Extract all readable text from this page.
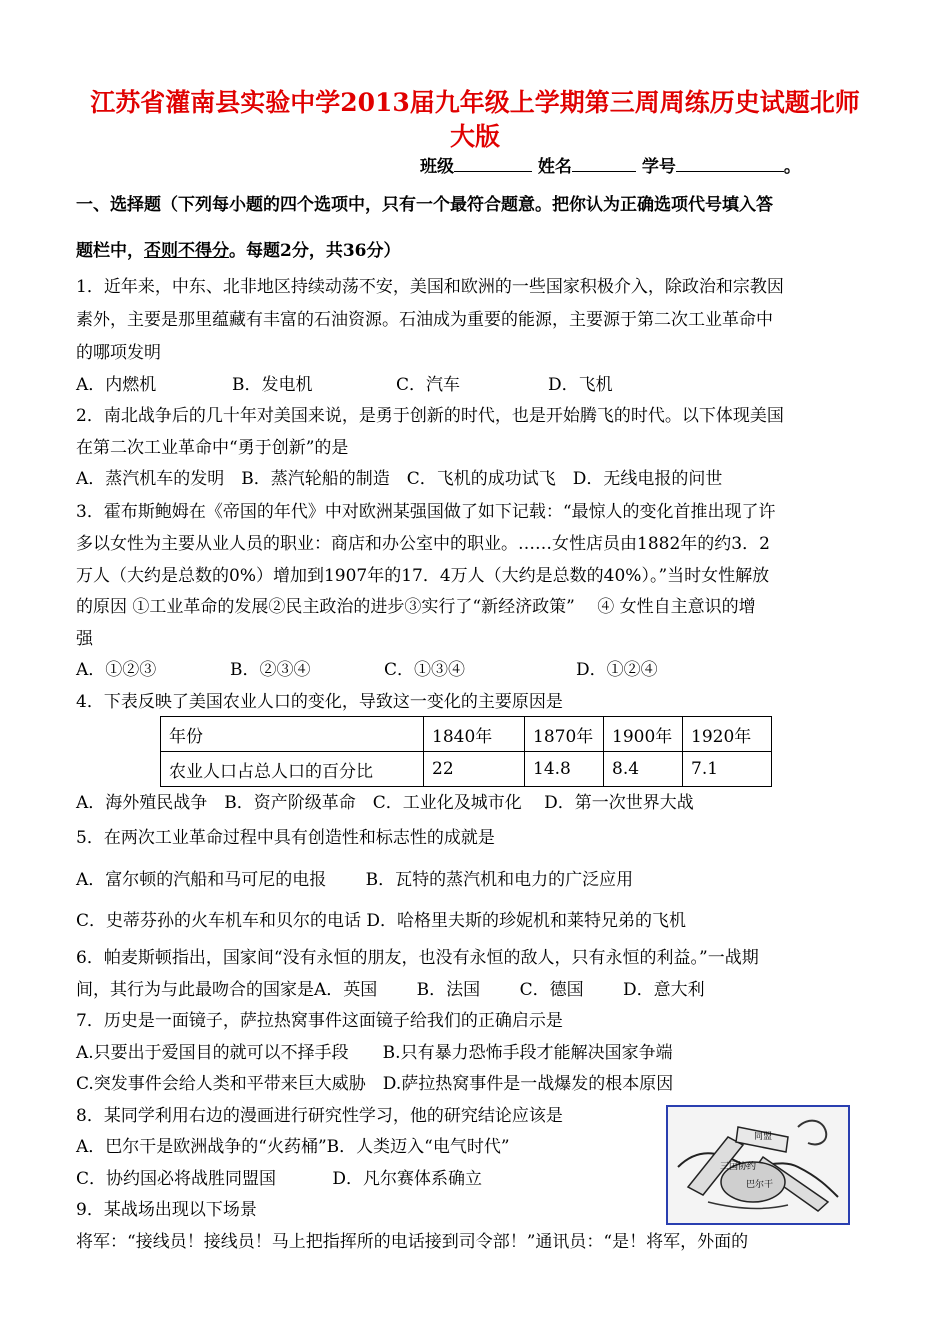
江苏省灌南县实验中学2013届九年级上学期第三周周练历史试题北师
大版
班级	姓名	学号	。
一、选择题（下列每小题的四个选项中，只有一个最符合题意。把你认为正确选项代号填入答
题栏中，否则不得分。每题2分，共36分）
1．近年来，中东、北非地区持续动荡不安，美国和欧洲的一些国家积极介入，除政治和宗教因
素外，主要是那里蕴藏有丰富的石油资源。石油成为重要的能源，主要源于第二次工业革命中
的哪项发明
A．内燃机	B．发电机	C．汽车	D．飞机
2．南北战争后的几十年对美国来说，是勇于创新的时代，也是开始腾飞的时代。以下体现美国
在第二次工业革命中“勇于创新”的是
A．蒸汽机车的发明　B．蒸汽轮船的制造　C．飞机的成功试飞　D．无线电报的问世
3．霍布斯鲍姆在《帝国的年代》中对欧洲某强国做了如下记载：“最惊人的变化首推出现了许
多以女性为主要从业人员的职业：商店和办公室中的职业。……女性店员由1882年的约3．2
万人（大约是总数的0%）增加到1907年的17．4万人（大约是总数的40%）。”当时女性解放
的原因 ①工业革命的发展②民主政治的进步③实行了“新经济政策”　 ④ 女性自主意识的增
强
A．①②③	B．②③④	C．①③④	D．①②④
4．下表反映了美国农业人口的变化，导致这一变化的主要原因是
年份	1840年	1870年	1900年	1920年
农业人口占总人口的百分比	22	14.8	8.4	7.1
A．海外殖民战争　B．资产阶级革命　C．工业化及城市化　 D．第一次世界大战
5．在两次工业革命过程中具有创造性和标志性的成就是
A．富尔顿的汽船和马可尼的电报　　 B．瓦特的蒸汽机和电力的广泛应用
C．史蒂芬孙的火车机车和贝尔的电话 D．哈格里夫斯的珍妮机和莱特兄弟的飞机
6．帕麦斯顿指出，国家间“没有永恒的朋友，也没有永恒的敌人，只有永恒的利益。”一战期
间，其行为与此最吻合的国家是A．英国　　 B．法国　　 C．德国　　 D．意大利
7．历史是一面镜子，萨拉热窝事件这面镜子给我们的正确启示是
A.只要出于爱国目的就可以不择手段　　B.只有暴力恐怖手段才能解决国家争端
C.突发事件会给人类和平带来巨大威胁　D.萨拉热窝事件是一战爆发的根本原因
8．某同学利用右边的漫画进行研究性学习，他的研究结论应该是
A．巴尔干是欧洲战争的“火药桶”B．人类迈入“电气时代”
C．协约国必将战胜同盟国　　　 D．凡尔赛体系确立
9．某战场出现以下场景
将军：“接线员！接线员！马上把指挥所的电话接到司令部！”通讯员：“是！将军，外面的
同盟
三国协约
巴尔干
